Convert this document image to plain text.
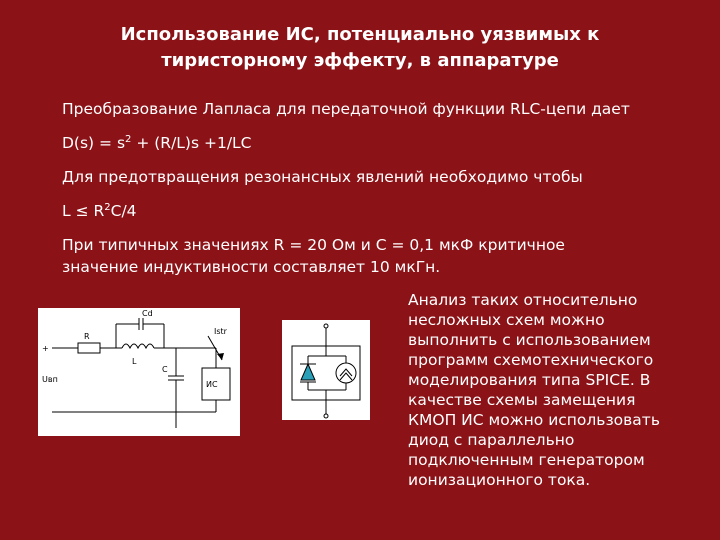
Использование ИС, потенциально уязвимых к тиристорному эффекту, в аппаратуре
Преобразование Лапласа для передаточной функции RLC-цепи дает
$D(s) = s^2 + (R/L)s +1/LC$
Для предотвращения резонансных явлений необходимо чтобы
$L \le R^2C/4$
При типичных значениях R = 20 Ом и C = 0,1 мкФ критичное значение индуктивности составляет 10 мкГн.
+
R
Cd
L
Istr
C
ИС
Uвп
Анализ таких относительно несложных схем можно выполнить с использованием программ схемотехнического моделирования типа SPICE. В качестве схемы замещения КМОП ИС можно использовать диод с параллельно подключенным генератором ионизационного тока.
